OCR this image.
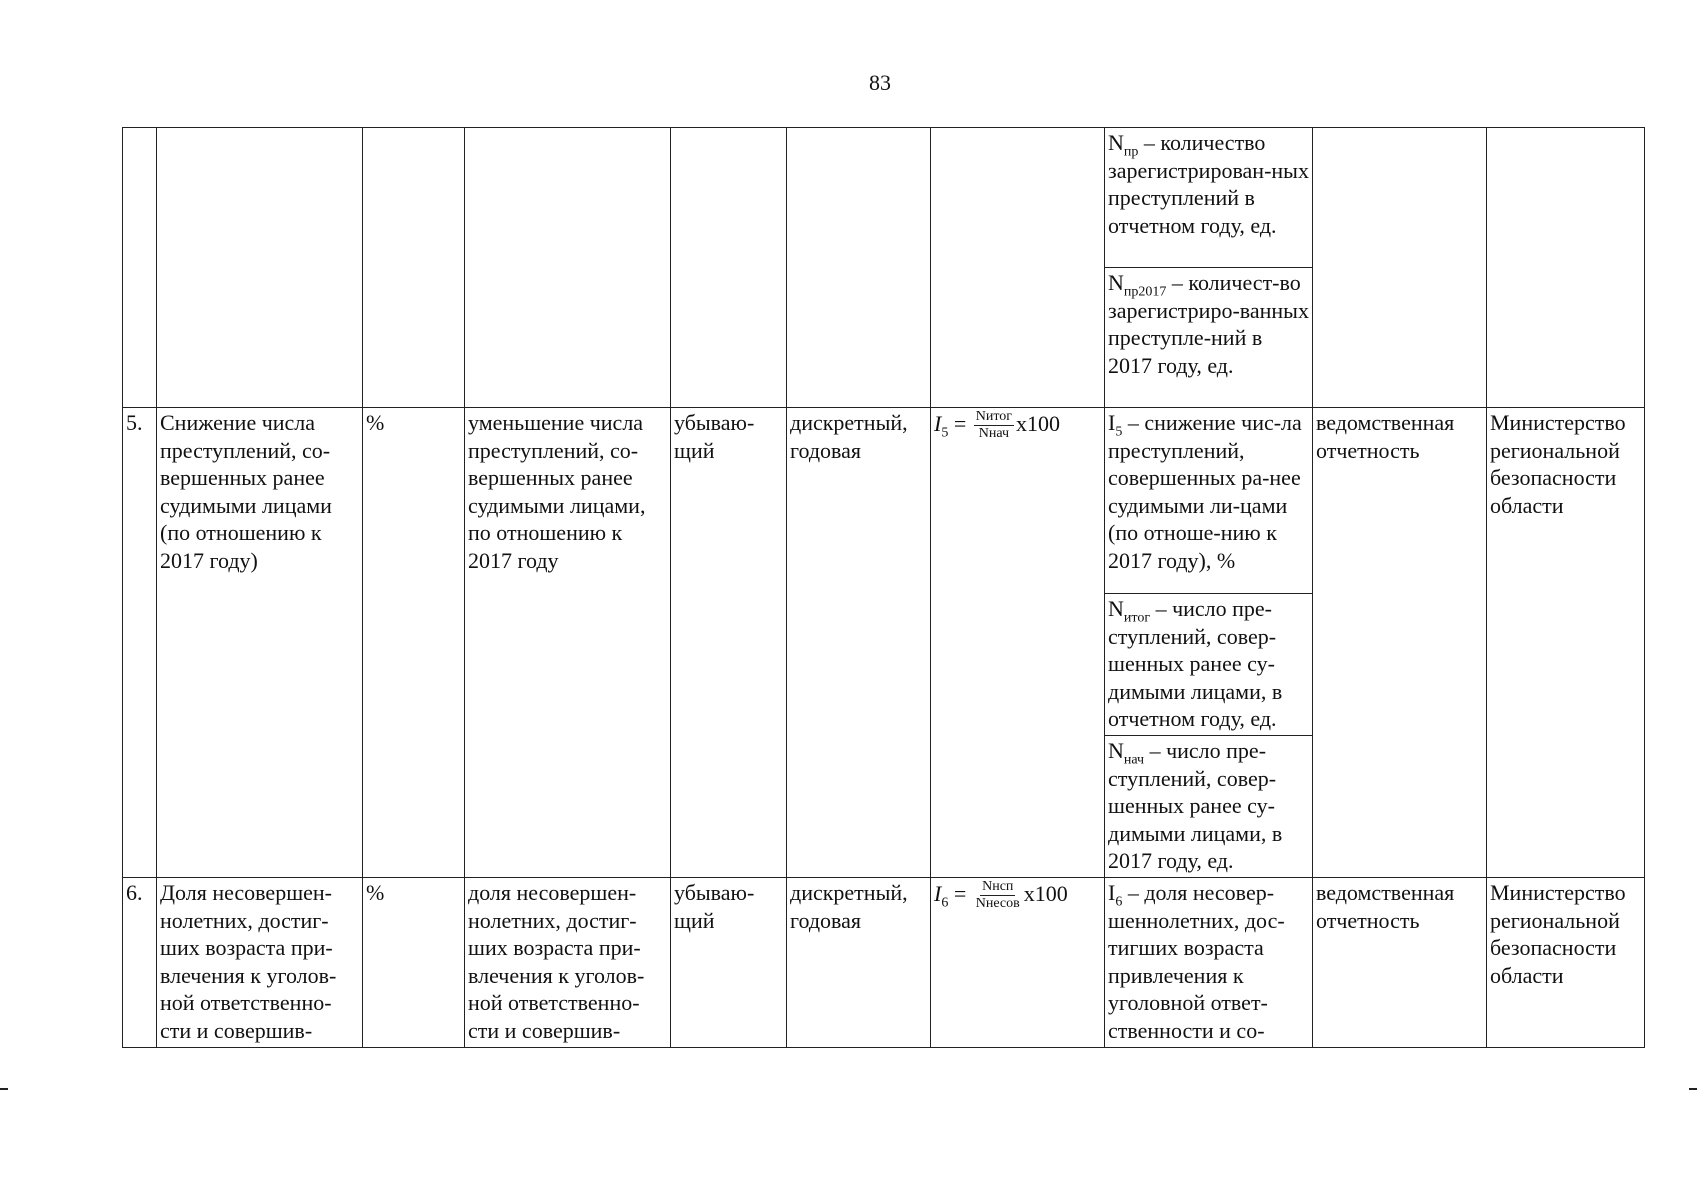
83
							$N_{пр}$ – количество зарегистрирован-ных преступлений в отчетном году, ед.		
							$N_{пр2017}$ – количест-во зарегистриро-ванных преступле-ний в 2017 году, ед.		
5.	Снижение числа преступлений, со-вершенных ранее судимыми лицами (по отношению к 2017 году)	%	уменьшение числа преступлений, со-вершенных ранее судимыми лицами, по отношению к 2017 году	убываю-щий	дискретный, годовая	$I_5 = \frac{\text{Nитог}}{\text{Nнач}} x100$	$I_5$ – снижение чис-ла преступлений, совершенных ра-нее судимыми ли-цами (по отноше-нию к 2017 году), %	ведомственная отчетность	Министерство региональной безопасности области
							$N_{итог}$ – число пре-ступлений, совер-шенных ранее су-димыми лицами, в отчетном году, ед.		
							$N_{нач}$ – число пре-ступлений, совер-шенных ранее су-димыми лицами, в 2017 году, ед.		
6.	Доля несовершен-нолетних, достиг-ших возраста при-влечения к уголов-ной ответственно-сти и совершив-	%	доля несовершен-нолетних, достиг-ших возраста при-влечения к уголов-ной ответственно-сти и совершив-	убываю-щий	дискретный, годовая	$I_6 = \frac{\text{Nнсп}}{\text{Nнесов}} x100$	$I_6$ – доля несовер-шеннолетних, дос-тигших возраста привлечения к уголовной ответ-ственности и со-	ведомственная отчетность	Министерство региональной безопасности области
